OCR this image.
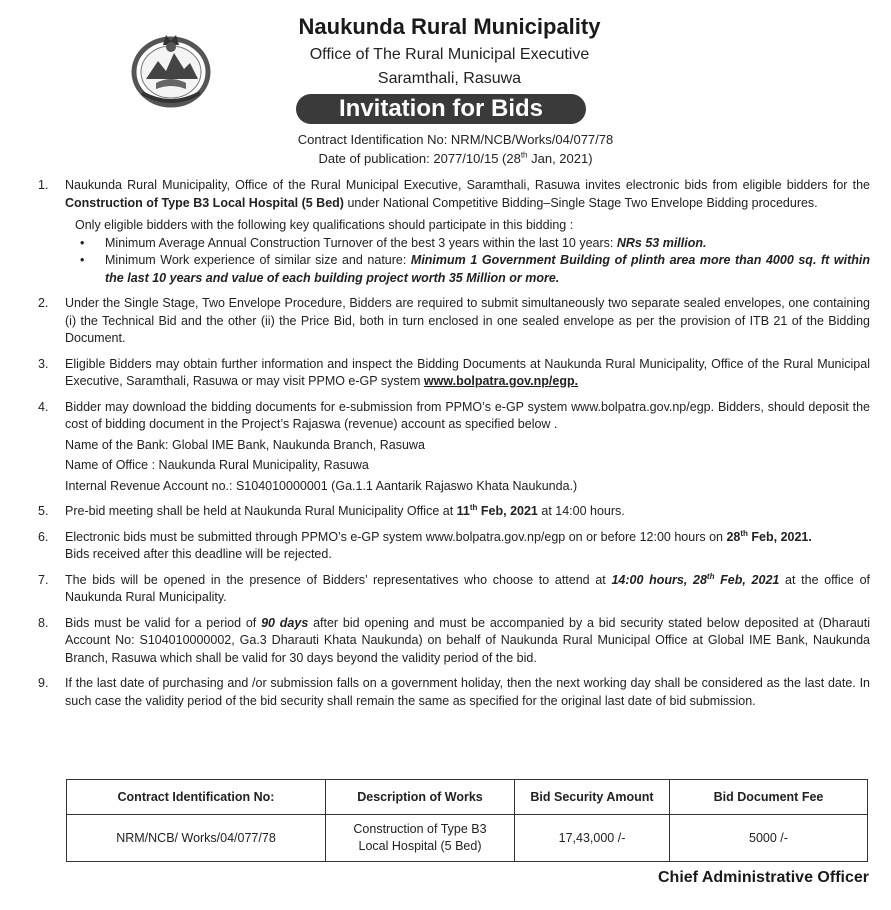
Naukunda Rural Municipality
Office of The Rural Municipal Executive
Saramthali, Rasuwa
Invitation for Bids
Contract Identification No: NRM/NCB/Works/04/077/78
Date of publication: 2077/10/15 (28th Jan, 2021)
1. Naukunda Rural Municipality, Office of the Rural Municipal Executive, Saramthali, Rasuwa invites electronic bids from eligible bidders for the Construction of Type B3 Local Hospital (5 Bed) under National Competitive Bidding–Single Stage Two Envelope Bidding procedures.
Only eligible bidders with the following key qualifications should participate in this bidding :
• Minimum Average Annual Construction Turnover of the best 3 years within the last 10 years: NRs 53 million.
• Minimum Work experience of similar size and nature: Minimum 1 Government Building of plinth area more than 4000 sq. ft within the last 10 years and value of each building project worth 35 Million or more.
2. Under the Single Stage, Two Envelope Procedure, Bidders are required to submit simultaneously two separate sealed envelopes, one containing (i) the Technical Bid and the other (ii) the Price Bid, both in turn enclosed in one sealed envelope as per the provision of ITB 21 of the Bidding Document.
3. Eligible Bidders may obtain further information and inspect the Bidding Documents at Naukunda Rural Municipality, Office of the Rural Municipal Executive, Saramthali, Rasuwa or may visit PPMO e-GP system www.bolpatra.gov.np/egp.
4. Bidder may download the bidding documents for e-submission from PPMO’s e-GP system www.bolpatra.gov.np/egp. Bidders, should deposit the cost of bidding document in the Project’s Rajaswa (revenue) account as specified below .
Name of the Bank: Global IME Bank, Naukunda Branch, Rasuwa
Name of Office : Naukunda Rural Municipality, Rasuwa
Internal Revenue Account no.: S104010000001 (Ga.1.1 Aantarik Rajaswo Khata Naukunda.)
5. Pre-bid meeting shall be held at Naukunda Rural Municipality Office at 11th Feb, 2021 at 14:00 hours.
6. Electronic bids must be submitted through PPMO’s e-GP system www.bolpatra.gov.np/egp on or before 12:00 hours on 28th Feb, 2021.
Bids received after this deadline will be rejected.
7. The bids will be opened in the presence of Bidders’ representatives who choose to attend at 14:00 hours, 28th Feb, 2021 at the office of Naukunda Rural Municipality.
8. Bids must be valid for a period of 90 days after bid opening and must be accompanied by a bid security stated below deposited at (Dharauti Account No: S104010000002, Ga.3 Dharauti Khata Naukunda) on behalf of Naukunda Rural Municipal Office at Global IME Bank, Naukunda Branch, Rasuwa which shall be valid for 30 days beyond the validity period of the bid.
9. If the last date of purchasing and /or submission falls on a government holiday, then the next working day shall be considered as the last date. In such case the validity period of the bid security shall remain the same as specified for the original last date of bid submission.
Contract Identification No:	Description of Works	Bid Security Amount	Bid Document Fee
NRM/NCB/ Works/04/077/78	Construction of Type B3
Local Hospital (5 Bed)	17,43,000 /-	5000 /-
Chief Administrative Officer
